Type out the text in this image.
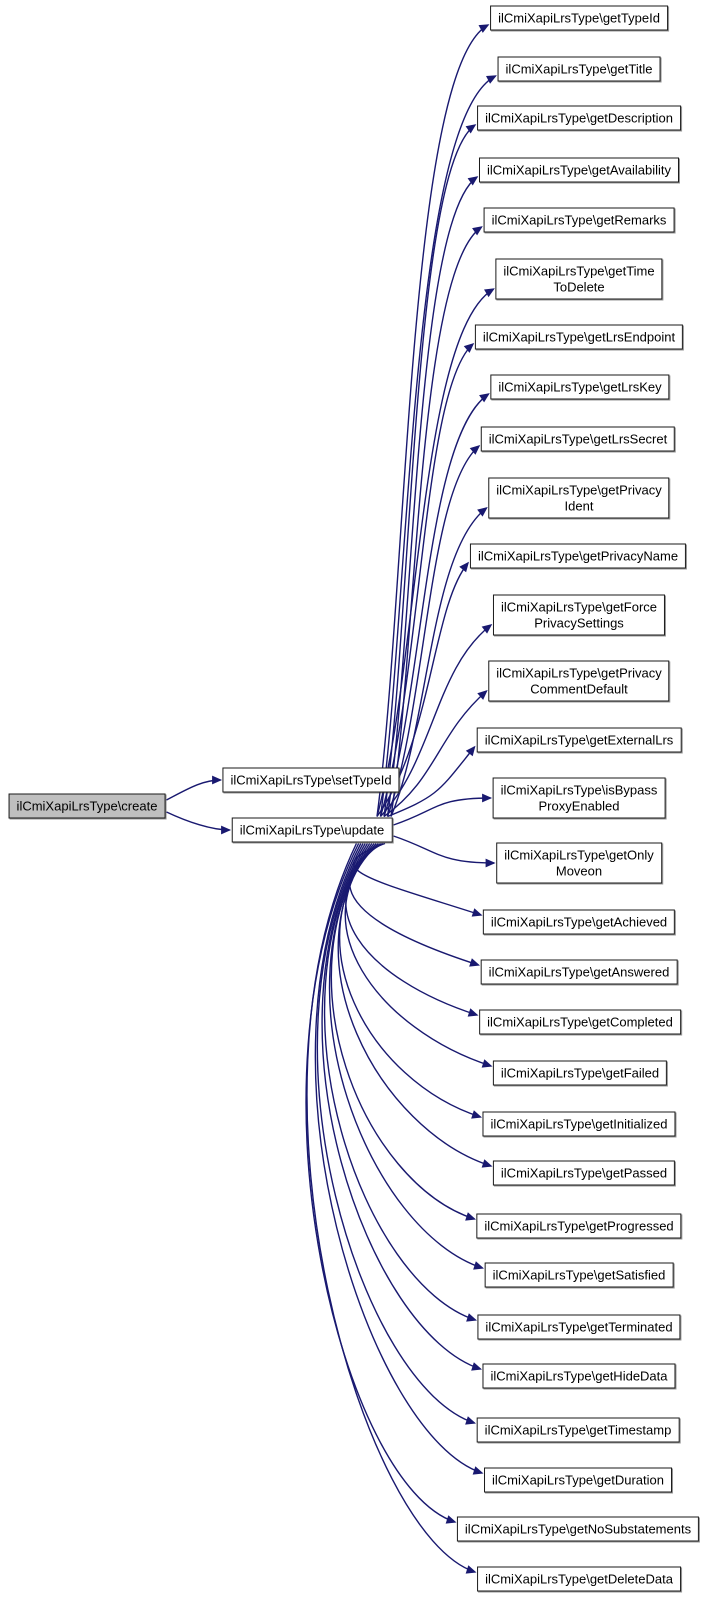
ilCmiXapiLrsType\create
ilCmiXapiLrsType\setTypeId
ilCmiXapiLrsType\update
ilCmiXapiLrsType\getTypeId
ilCmiXapiLrsType\getTitle
ilCmiXapiLrsType\getDescription
ilCmiXapiLrsType\getAvailability
ilCmiXapiLrsType\getRemarks
ilCmiXapiLrsType\getTime
ToDelete
ilCmiXapiLrsType\getLrsEndpoint
ilCmiXapiLrsType\getLrsKey
ilCmiXapiLrsType\getLrsSecret
ilCmiXapiLrsType\getPrivacy
Ident
ilCmiXapiLrsType\getPrivacyName
ilCmiXapiLrsType\getForce
PrivacySettings
ilCmiXapiLrsType\getPrivacy
CommentDefault
ilCmiXapiLrsType\getExternalLrs
ilCmiXapiLrsType\isBypass
ProxyEnabled
ilCmiXapiLrsType\getOnly
Moveon
ilCmiXapiLrsType\getAchieved
ilCmiXapiLrsType\getAnswered
ilCmiXapiLrsType\getCompleted
ilCmiXapiLrsType\getFailed
ilCmiXapiLrsType\getInitialized
ilCmiXapiLrsType\getPassed
ilCmiXapiLrsType\getProgressed
ilCmiXapiLrsType\getSatisfied
ilCmiXapiLrsType\getTerminated
ilCmiXapiLrsType\getHideData
ilCmiXapiLrsType\getTimestamp
ilCmiXapiLrsType\getDuration
ilCmiXapiLrsType\getNoSubstatements
ilCmiXapiLrsType\getDeleteData
